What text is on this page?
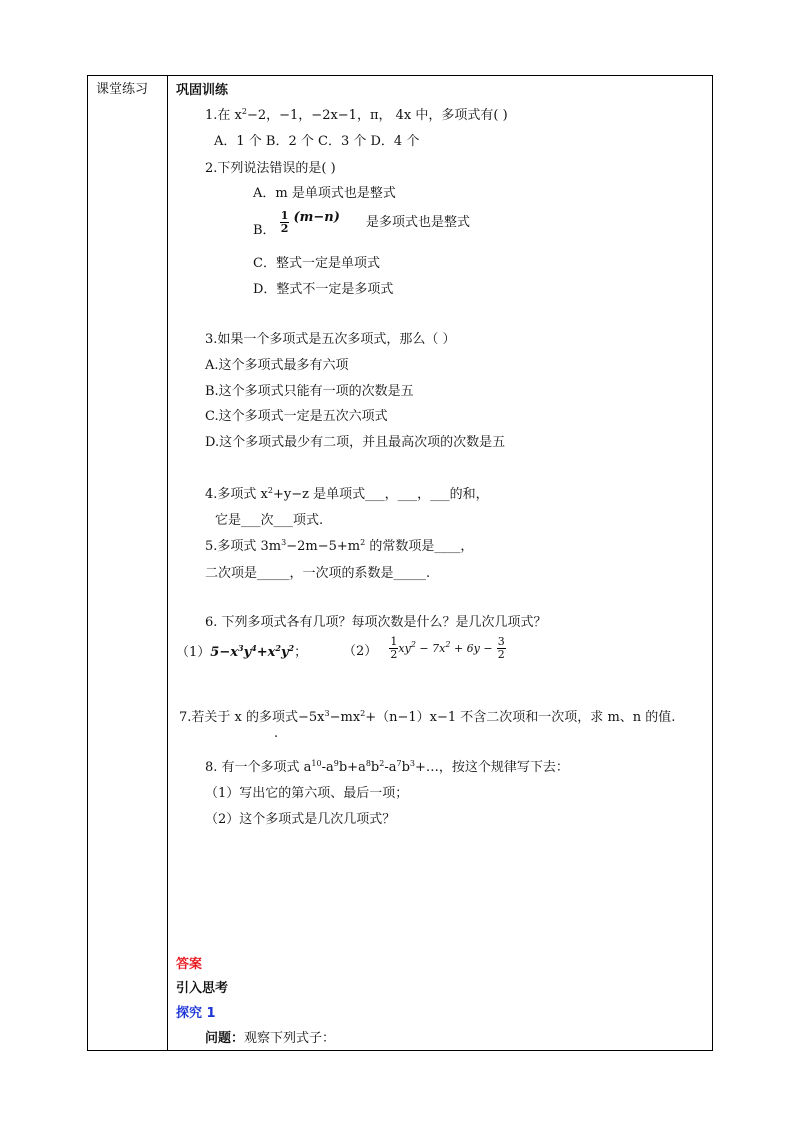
课堂练习 巩固训练
1.在 $x^2-2$，−1，−2x−1，π， 4x 中，多项式有( )
A．1 个 B．2 个 C．3 个 D．4 个
2.下列说法错误的是( )
A．m 是单项式也是整式
B． $\frac{1}{2} (m-n)$ 是多项式也是整式
C．整式一定是单项式
D．整式不一定是多项式
3.如果一个多项式是五次多项式，那么（ ）
A.这个多项式最多有六项
B.这个多项式只能有一项的次数是五
C.这个多项式一定是五次六项式
D.这个多项式最少有二项，并且最高次项的次数是五
4.多项式 $x^2+y-z$ 是单项式___，___，___的和，
它是___次___项式.
5.多项式 $3m^3-2m-5+m^2$ 的常数项是____，
二次项是_____，一次项的系数是_____.
6. 下列多项式各有几项？每项次数是什么？是几次几项式？
$(1)5-x^3y^4+x^2y^2$；	$(2) \frac{1}{2} xy^2 - 7x^2 + 6y - \frac{3}{2}$
7.若关于 x 的多项式$-5x^3-mx^2+(n-1)x-1$ 不含二次项和一次项，求 m、n 的值.
.
8. 有一个多项式 $a^{10}-a^9b+a^8b^2-a^7b^3+\dots$，按这个规律写下去：
（1）写出它的第六项、最后一项；
（2）这个多项式是几次几项式？
答案
引入思考
探究 1
问题：观察下列式子：
